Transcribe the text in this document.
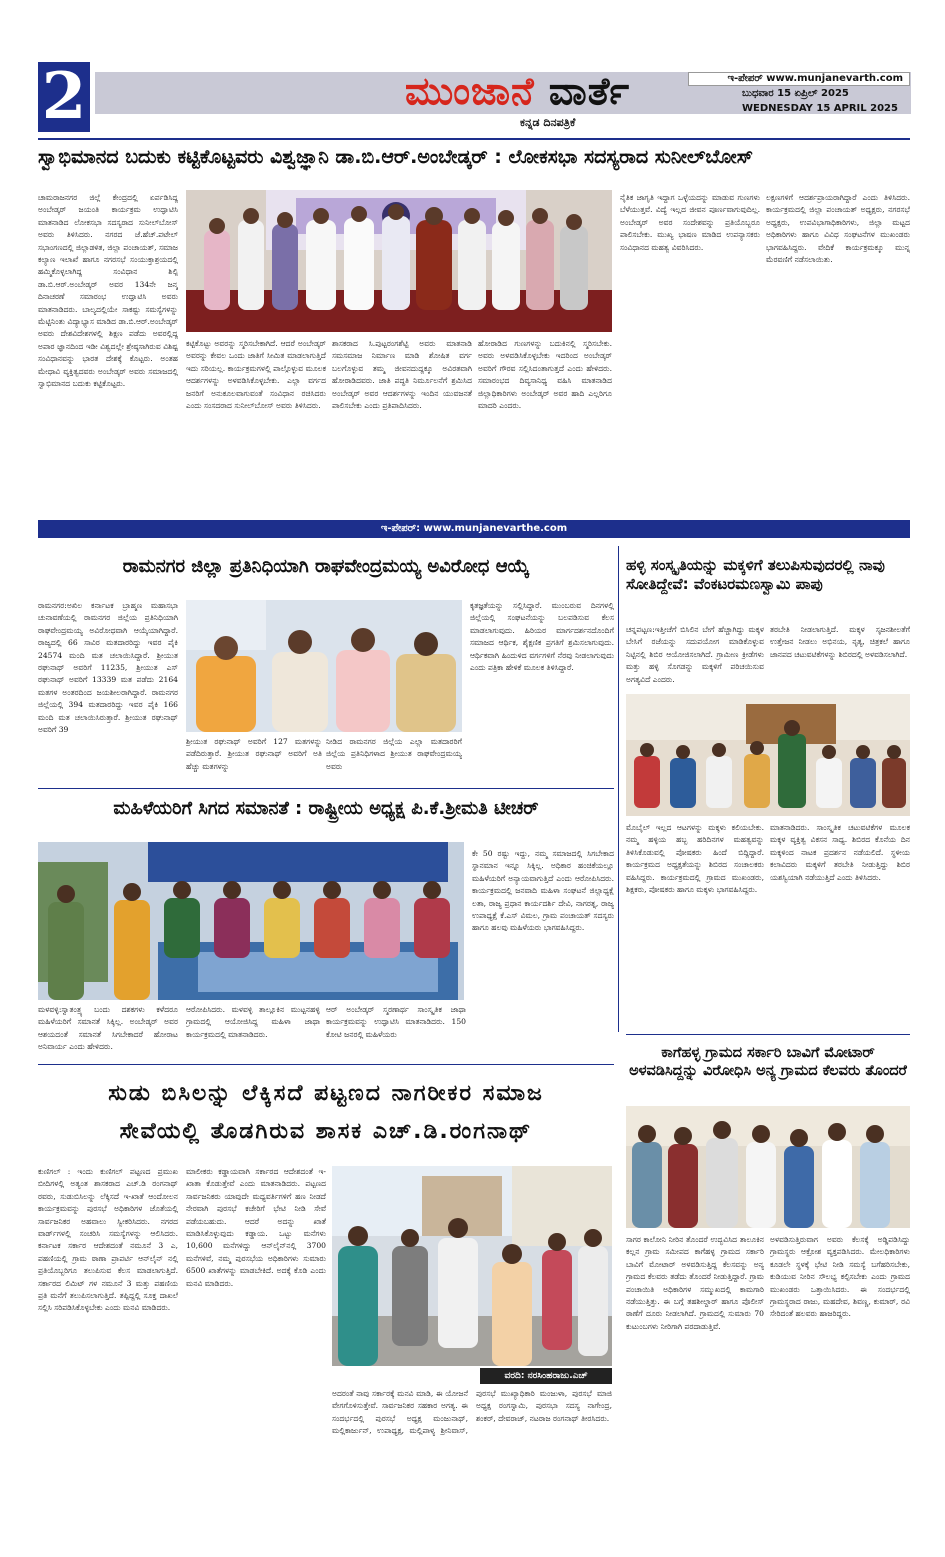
2	ಮುಂಜಾನೆ ವಾರ್ತೆ
ಕನ್ನಡ ದಿನಪತ್ರಿಕೆ
ಇ-ಪೇಪರ್ www.munjanevarth.com
ಬುಧವಾರ 15 ಏಪ್ರಿಲ್ 2025
WEDNESDAY 15 APRIL 2025
ಸ್ವಾಭಿಮಾನದ ಬದುಕು ಕಟ್ಟಿಕೊಟ್ಟವರು ವಿಶ್ವಜ್ಞಾನಿ ಡಾ.ಬಿ.ಆರ್.ಅಂಬೇಡ್ಕರ್ : ಲೋಕಸಭಾ ಸದಸ್ಯರಾದ ಸುನೀಲ್‌ಬೋಸ್
ಚಾಮರಾಜನಗರ ಜಿಲ್ಲೆ ಕೇಂದ್ರದಲ್ಲಿ ಏರ್ಪಡಿಸಿದ್ದ ಅಂಬೇಡ್ಕರ್ ಜಯಂತಿ ಕಾರ್ಯಕ್ರಮ ಉದ್ಘಾಟಿಸಿ ಮಾತನಾಡಿದ ಲೋಕಸಭಾ ಸದಸ್ಯರಾದ ಸುನೀಲ್‌ಬೋಸ್ ಅವರು ತಿಳಿಸಿದರು. ನಗರದ ಜೆ.ಹೆಚ್.ಪಟೇಲ್ ಸಭಾಂಗಣದಲ್ಲಿ ಜಿಲ್ಲಾಡಳಿತ, ಜಿಲ್ಲಾ ಪಂಚಾಯತ್, ಸಮಾಜ ಕಲ್ಯಾಣ ಇಲಾಖೆ ಹಾಗೂ ನಗರಸಭೆ ಸಂಯುಕ್ತಾಶ್ರಯದಲ್ಲಿ ಹಮ್ಮಿಕೊಳ್ಳಲಾಗಿದ್ದ ಸಂವಿಧಾನ ಶಿಲ್ಪಿ ಡಾ.ಬಿ.ಆರ್.ಅಂಬೇಡ್ಕರ್ ಅವರ 134ನೇ ಜನ್ಮ ದಿನಾಚರಣೆ ಸಮಾರಂಭ ಉದ್ಘಾಟಿಸಿ ಅವರು ಮಾತನಾಡಿದರು. ಬಾಲ್ಯದಲ್ಲಿಯೇ ಸಾಕಷ್ಟು ಸಮಸ್ಯೆಗಳನ್ನು ಮೆಟ್ಟಿನಿಂತು ವಿದ್ಯಾಭ್ಯಾಸ ಮಾಡಿದ ಡಾ.ಬಿ.ಆರ್.ಅಂಬೇಡ್ಕರ್ ಅವರು ದೇಶವಿದೇಶಗಳಲ್ಲಿ ಶಿಕ್ಷಣ ಪಡೆದು ಅವರಲ್ಲಿದ್ದ ಅಪಾರ ಜ್ಞಾನದಿಂದ ಇಡೀ ವಿಶ್ವದಲ್ಲೇ ಶ್ರೇಷ್ಠಸಾಗಿರುವ ವಿಶಿಷ್ಟ ಸಂವಿಧಾನವನ್ನು ಭಾರತ ದೇಶಕ್ಕೆ ಕೊಟ್ಟರು. ಅಂತಹ ಮೇಧಾವಿ ವ್ಯಕ್ತಿತ್ವದವರು ಅಂಬೇಡ್ಕರ್ ಅವರು ಸಮಾಜದಲ್ಲಿ ಸ್ವಾಭಿಮಾನದ ಬದುಕು ಕಟ್ಟಿಕೊಟ್ಟರು.
ಕಟ್ಟಿಕೊಟ್ಟು ಅವರನ್ನು ಸ್ಮರಿಸಬೇಕಾಗಿದೆ. ಆದರೆ ಅಂಬೇಡ್ಕರ್ ಅವರನ್ನು ಕೇವಲ ಒಂದು ಜಾತಿಗೆ ಸೀಮಿತ ಮಾಡಲಾಗುತ್ತಿದೆ ಇದು ಸರಿಯಲ್ಲ. ಕಾರ್ಯಕ್ರಮಗಳಲ್ಲಿ ಪಾಲ್ಗೊಳ್ಳುವ ಮೂಲಕ ಆದರ್ಶಗಳನ್ನು ಅಳವಡಿಸಿಕೊಳ್ಳಬೇಕು. ಎಲ್ಲಾ ವರ್ಗದ ಜನರಿಗೆ ಅನುಕೂಲವಾಗುವಂತೆ ಸಂವಿಧಾನ ರಚಿಸಿದರು ಎಂದು ಸಂಸದರಾದ ಸುನೀಲ್‌ಬೋಸ್ ಅವರು ತಿಳಿಸಿದರು.
ಶಾಸಕರಾದ ಸಿ.ಪುಟ್ಟರಂಗಶೆಟ್ಟಿ ಅವರು ಮಾತನಾಡಿ ಸಮಸಮಾಜ ನಿರ್ಮಾಣ ಮಾಡಿ ಶೋಷಿತ ವರ್ಗ ಬಲಗೊಳ್ಳುವ ತಮ್ಮ ಜೀವನದುದ್ದಕ್ಕೂ ಅವಿರತವಾಗಿ ಹೋರಾಡಿದವರು. ಜಾತಿ ಪದ್ಧತಿ ನಿರ್ಮೂಲನೆಗೆ ಶ್ರಮಿಸಿದ ಅಂಬೇಡ್ಕರ್ ಅವರ ಆದರ್ಶಗಳನ್ನು ಇಂದಿನ ಯುವಜನತೆ ಪಾಲಿಸಬೇಕು ಎಂದು ಪ್ರತಿಪಾದಿಸಿದರು.
ಹೋರಾಡಿದ ಗುಣಗಳನ್ನು ಬದುಕಿನಲ್ಲಿ ಸ್ಮರಿಸಬೇಕು. ಅವರು ಅಳವಡಿಸಿಕೊಳ್ಳಬೇಕು ಇದರಿಂದ ಅಂಬೇಡ್ಕರ್ ಅವರಿಗೆ ಗೌರವ ಸಲ್ಲಿಸಿದಂತಾಗುತ್ತದೆ ಎಂದು ಹೇಳಿದರು. ಸಮಾರಂಭದ ದಿವ್ಯಸಾನಿಧ್ಯ ವಹಿಸಿ ಮಾತನಾಡಿದ ಜಿಲ್ಲಾಧಿಕಾರಿಗಳು ಅಂಬೇಡ್ಕರ್ ಅವರ ಹಾದಿ ಎಲ್ಲರಿಗೂ ಮಾದರಿ ಎಂದರು.
ನೈತಿಕ ಜಾಗೃತಿ ಇದ್ದಾಗ ಒಳ್ಳೆಯದನ್ನು ಮಾಡುವ ಗುಣಗಳು ಬೆಳೆಯುತ್ತವೆ. ವಿದ್ಯೆ ಇಲ್ಲದ ಜೀವನ ಪೂರ್ಣವಾಗುವುದಿಲ್ಲ. ಅಂಬೇಡ್ಕರ್ ಅವರ ಸಂದೇಶವನ್ನು ಪ್ರತಿಯೊಬ್ಬರೂ ಪಾಲಿಸಬೇಕು. ಮುಖ್ಯ ಭಾಷಣ ಮಾಡಿದ ಉಪನ್ಯಾಸಕರು ಸಂವಿಧಾನದ ಮಹತ್ವ ವಿವರಿಸಿದರು.
ಲಕ್ಷಣಗಳಿಗೆ ಆದರ್ಶಪ್ರಾಯರಾಗಿದ್ದಾರೆ ಎಂದು ತಿಳಿಸಿದರು. ಕಾರ್ಯಕ್ರಮದಲ್ಲಿ ಜಿಲ್ಲಾ ಪಂಚಾಯತ್ ಅಧ್ಯಕ್ಷರು, ನಗರಸಭೆ ಅಧ್ಯಕ್ಷರು, ಉಪವಿಭಾಗಾಧಿಕಾರಿಗಳು, ಜಿಲ್ಲಾ ಮಟ್ಟದ ಅಧಿಕಾರಿಗಳು ಹಾಗೂ ವಿವಿಧ ಸಂಘಟನೆಗಳ ಮುಖಂಡರು ಭಾಗವಹಿಸಿದ್ದರು. ವೇದಿಕೆ ಕಾರ್ಯಕ್ರಮಕ್ಕೂ ಮುನ್ನ ಮೆರವಣಿಗೆ ನಡೆಸಲಾಯಿತು.
ಇ-ಪೇಪರ್: www.munjanevarthe.com
ರಾಮನಗರ ಜಿಲ್ಲಾ ಪ್ರತಿನಿಧಿಯಾಗಿ ರಾಘವೇಂದ್ರಮಯ್ಯ ಅವಿರೋಧ ಆಯ್ಕೆ
ರಾಮನಗರ:ಅಖಿಲ ಕರ್ನಾಟಕ ಬ್ರಾಹ್ಮಣ ಮಹಾಸಭಾ ಚುನಾವಣೆಯಲ್ಲಿ ರಾಮನಗರ ಜಿಲ್ಲೆಯ ಪ್ರತಿನಿಧಿಯಾಗಿ ರಾಘವೇಂದ್ರಮಯ್ಯ ಅವಿರೋಧವಾಗಿ ಆಯ್ಕೆಯಾಗಿದ್ದಾರೆ. ರಾಜ್ಯದಲ್ಲಿ 66 ಸಾವಿರ ಮತದಾರರಿದ್ದು ಇವರ ಪೈಕಿ 24574 ಮಂದಿ ಮತ ಚಲಾಯಿಸಿದ್ದಾರೆ. ಶ್ರೀಯುತ ರಘುನಾಥ್ ಅವರಿಗೆ 11235, ಶ್ರೀಯುತ ಎಸ್ ರಘುನಾಥ್ ಅವರಿಗೆ 13339 ಮತ ಪಡೆದು 2164 ಮತಗಳ ಅಂತರದಿಂದ ಜಯಶೀಲರಾಗಿದ್ದಾರೆ. ರಾಮನಗರ ಜಿಲ್ಲೆಯಲ್ಲಿ 394 ಮತದಾರರಿದ್ದು ಇವರ ಪೈಕಿ 166 ಮಂದಿ ಮತ ಚಲಾಯಿಸಿರುತ್ತಾರೆ. ಶ್ರೀಯುತ ರಘುನಾಥ್ ಅವರಿಗೆ 39
ಶ್ರೀಯುತ ರಘುನಾಥ್ ಅವರಿಗೆ 127 ಮತಗಳನ್ನು ಪಡೆದಿರುತ್ತಾರೆ. ಶ್ರೀಯುತ ರಘುನಾಥ್ ಅವರಿಗೆ ಅತಿ ಹೆಚ್ಚು ಮತಗಳನ್ನು
ನೀಡಿದ ರಾಮನಗರ ಜಿಲ್ಲೆಯ ಎಲ್ಲಾ ಮತದಾರರಿಗೆ ಜಿಲ್ಲೆಯ ಪ್ರತಿನಿಧಿಗಳಾದ ಶ್ರೀಯುತ ರಾಘವೇಂದ್ರಮಯ್ಯ ಅವರು
ಕೃತಜ್ಞತೆಯನ್ನು ಸಲ್ಲಿಸಿದ್ದಾರೆ. ಮುಂಬರುವ ದಿನಗಳಲ್ಲಿ ಜಿಲ್ಲೆಯಲ್ಲಿ ಸಂಘಟನೆಯನ್ನು ಬಲಪಡಿಸುವ ಕೆಲಸ ಮಾಡಲಾಗುವುದು. ಹಿರಿಯರ ಮಾರ್ಗದರ್ಶನದೊಂದಿಗೆ ಸಮಾಜದ ಆರ್ಥಿಕ, ಶೈಕ್ಷಣಿಕ ಪ್ರಗತಿಗೆ ಶ್ರಮಿಸಲಾಗುವುದು. ಆರ್ಥಿಕವಾಗಿ ಹಿಂದುಳಿದ ವರ್ಗಗಳಿಗೆ ನೆರವು ನೀಡಲಾಗುವುದು ಎಂದು ಪತ್ರಿಕಾ ಹೇಳಿಕೆ ಮೂಲಕ ತಿಳಿಸಿದ್ದಾರೆ.
ಹಳ್ಳಿ ಸಂಸ್ಕೃತಿಯನ್ನು ಮಕ್ಕಳಿಗೆ ತಲುಪಿಸುವುದರಲ್ಲಿ ನಾವು ಸೋತಿದ್ದೇವೆ: ವೆಂಕಟರಮಣಸ್ವಾಮಿ ಪಾಪು
ಚನ್ನಪಟ್ಟಣ:ಇತ್ತೀಚೆಗೆ ಬಿಸಿಲಿನ ಬೇಗೆ ಹೆಚ್ಚಾಗಿದ್ದು ಮಕ್ಕಳ ಬೇಸಿಗೆ ರಜೆಯನ್ನು ಸದುಪಯೋಗ ಮಾಡಿಕೊಳ್ಳುವ ನಿಟ್ಟಿನಲ್ಲಿ ಶಿಬಿರ ಆಯೋಜಿಸಲಾಗಿದೆ. ಗ್ರಾಮೀಣ ಕ್ರೀಡೆಗಳು ಮತ್ತು ಹಳ್ಳಿ ಸೊಗಡನ್ನು ಮಕ್ಕಳಿಗೆ ಪರಿಚಯಿಸುವ ಅಗತ್ಯವಿದೆ ಎಂದರು.
ತರಬೇತಿ ನೀಡಲಾಗುತ್ತಿದೆ. ಮಕ್ಕಳ ಸೃಜನಶೀಲತೆಗೆ ಉತ್ತೇಜನ ನೀಡಲು ಅಭಿನಯ, ನೃತ್ಯ, ಚಿತ್ರಕಲೆ ಹಾಗೂ ಜಾನಪದ ಚಟುವಟಿಕೆಗಳನ್ನು ಶಿಬಿರದಲ್ಲಿ ಅಳವಡಿಸಲಾಗಿದೆ.
ಮೊಬೈಲ್ ಇಲ್ಲದ ಆಟಗಳನ್ನು ಮಕ್ಕಳು ಕಲಿಯಬೇಕು. ನಮ್ಮ ಹಳ್ಳಿಯ ಹಬ್ಬ ಹರಿದಿನಗಳ ಮಹತ್ವವನ್ನು ತಿಳಿಸಿಕೊಡುವಲ್ಲಿ ಪೋಷಕರು ಹಿಂದೆ ಬಿದ್ದಿದ್ದಾರೆ. ಕಾರ್ಯಕ್ರಮದ ಅಧ್ಯಕ್ಷತೆಯನ್ನು ಶಿಬಿರದ ಸಂಚಾಲಕರು ವಹಿಸಿದ್ದರು. ಕಾರ್ಯಕ್ರಮದಲ್ಲಿ ಗ್ರಾಮದ ಮುಖಂಡರು, ಶಿಕ್ಷಕರು, ಪೋಷಕರು ಹಾಗೂ ಮಕ್ಕಳು ಭಾಗವಹಿಸಿದ್ದರು.
ಮಾತನಾಡಿದರು. ಸಾಂಸ್ಕೃತಿಕ ಚಟುವಟಿಕೆಗಳ ಮೂಲಕ ಮಕ್ಕಳ ವ್ಯಕ್ತಿತ್ವ ವಿಕಸನ ಸಾಧ್ಯ. ಶಿಬಿರದ ಕೊನೆಯ ದಿನ ಮಕ್ಕಳಿಂದ ನಾಟಕ ಪ್ರದರ್ಶನ ನಡೆಯಲಿದೆ. ಸ್ಥಳೀಯ ಕಲಾವಿದರು ಮಕ್ಕಳಿಗೆ ತರಬೇತಿ ನೀಡುತ್ತಿದ್ದು ಶಿಬಿರ ಯಶಸ್ವಿಯಾಗಿ ನಡೆಯುತ್ತಿದೆ ಎಂದು ತಿಳಿಸಿದರು.
ಮಹಿಳೆಯರಿಗೆ ಸಿಗದ ಸಮಾನತೆ : ರಾಷ್ಟ್ರೀಯ ಅಧ್ಯಕ್ಷ ಪಿ.ಕೆ.ಶ್ರೀಮತಿ ಟೀಚರ್
ಕೇ 50 ರಷ್ಟು ಇದ್ದು, ನಮ್ಮ ಸಮಾಜದಲ್ಲಿ ಸಿಗಬೇಕಾದ ಸ್ಥಾನಮಾನ ಇನ್ನೂ ಸಿಕ್ಕಿಲ್ಲ. ಅಧಿಕಾರ ಹಂಚಿಕೆಯಲ್ಲೂ ಮಹಿಳೆಯರಿಗೆ ಅನ್ಯಾಯವಾಗುತ್ತಿದೆ ಎಂದು ಆರೋಪಿಸಿದರು. ಕಾರ್ಯಕ್ರಮದಲ್ಲಿ ಜನವಾದಿ ಮಹಿಳಾ ಸಂಘಟನೆ ಜಿಲ್ಲಾಧ್ಯಕ್ಷೆ ಲತಾ, ರಾಜ್ಯ ಪ್ರಧಾನ ಕಾರ್ಯದರ್ಶಿ ದೇವಿ, ನಾಗರತ್ನ, ರಾಜ್ಯ ಉಪಾಧ್ಯಕ್ಷೆ ಕೆ.ಎಸ್ ವಿಮಲ, ಗ್ರಾಮ ಪಂಚಾಯತ್ ಸದಸ್ಯರು ಹಾಗೂ ಹಲವು ಮಹಿಳೆಯರು ಭಾಗವಹಿಸಿದ್ದರು.
ಮಳವಳ್ಳಿ:ಸ್ವಾತಂತ್ರ್ಯ ಬಂದು ದಶಕಗಳು ಕಳೆದರೂ ಮಹಿಳೆಯರಿಗೆ ಸಮಾನತೆ ಸಿಕ್ಕಿಲ್ಲ. ಅಂಬೇಡ್ಕರ್ ಅವರ ಆಶಯದಂತೆ ಸಮಾನತೆ ಸಿಗಬೇಕಾದರೆ ಹೋರಾಟ ಅನಿವಾರ್ಯ ಎಂದು ಹೇಳಿದರು.
ಆರೋಪಿಸಿದರು. ಮಳವಳ್ಳಿ ತಾಲ್ಲೂಕಿನ ಮುಟ್ಟನಹಳ್ಳಿ ಗ್ರಾಮದಲ್ಲಿ ಆಯೋಜಿಸಿದ್ದ ಮಹಿಳಾ ಜಾಥಾ ಕಾರ್ಯಕ್ರಮದಲ್ಲಿ ಮಾತನಾಡಿದರು.
ಆರ್ ಅಂಬೇಡ್ಕರ್ ಸ್ಮರಣಾರ್ಥ ಸಾಂಸ್ಕೃತಿಕ ಜಾಥಾ ಕಾರ್ಯಕ್ರಮವನ್ನು ಉದ್ಘಾಟಿಸಿ ಮಾತನಾಡಿದರು. 150 ಕೋಟಿ ಜನರಲ್ಲಿ ಮಹಿಳೆಯರು
ಸುಡು ಬಿಸಿಲನ್ನು ಲೆಕ್ಕಿಸದೆ ಪಟ್ಟಣದ ನಾಗರೀಕರ ಸಮಾಜ
ಸೇವೆಯಲ್ಲಿ ತೊಡಗಿರುವ ಶಾಸಕ ಎಚ್.ಡಿ.ರಂಗನಾಥ್
ಕುಣಿಗಲ್ : ಇಂದು ಕುಣಿಗಲ್ ಪಟ್ಟಣದ ಪ್ರಮುಖ ಬೀದಿಗಳಲ್ಲಿ ಅತ್ಯಂತ ಶಾಸಕರಾದ ಎಚ್.ಡಿ ರಂಗನಾಥ್ ರವರು, ಸುಡುಬಿಸಿಲನ್ನು ಲೆಕ್ಕಿಸದೆ ಇ-ಖಾತೆ ಆಂದೋಲನ ಕಾರ್ಯಕ್ರಮವನ್ನು ಪುರಸಭೆ ಅಧಿಕಾರಿಗಳ ಜೊತೆಯಲ್ಲಿ ಸಾರ್ವಜನಿಕರ ಅಹವಾಲು ಸ್ವೀಕರಿಸಿದರು. ನಗರದ ವಾರ್ಡ್‌ಗಳಲ್ಲಿ ಸಂಚರಿಸಿ ಸಮಸ್ಯೆಗಳನ್ನು ಆಲಿಸಿದರು. ಕರ್ನಾಟಕ ಸರ್ಕಾರ ಆದೇಶದಂತೆ ನಮೂನೆ 3 ಎ, ಪಹಣಿಯಲ್ಲಿ ಗ್ರಾಮ ಠಾಣಾ ಪ್ರಾಪರ್ಟಿ ಆನ್‌ಲೈನ್ ನಲ್ಲಿ ಪ್ರತಿಯೊಬ್ಬರಿಗೂ ತಲುಪಿಸುವ ಕೆಲಸ ಮಾಡಲಾಗುತ್ತಿದೆ. ಸರ್ಕಾರದ ಲಿಮಿಟ್ ಗಳ ನಮೂನೆ 3 ಮತ್ತು ಪಹಣಿಯ ಪ್ರತಿ ಮನೆಗೆ ತಲುಪಿಸಲಾಗುತ್ತಿದೆ. ತಪ್ಪಿದ್ದಲ್ಲಿ ಸೂಕ್ತ ದಾಖಲೆ ಸಲ್ಲಿಸಿ ಸರಿಪಡಿಸಿಕೊಳ್ಳಬೇಕು ಎಂದು ಮನವಿ ಮಾಡಿದರು.
ಮಾಲೀಕರು ಕಡ್ಡಾಯವಾಗಿ ಸರ್ಕಾರದ ಆದೇಶದಂತೆ ಇ-ಖಾತಾ ಕೊಡುತ್ತೇವೆ ಎಂದು ಮಾತನಾಡಿದರು. ಪಟ್ಟಣದ ಸಾರ್ವಜನಿಕರು ಯಾವುದೇ ಮಧ್ಯವರ್ತಿಗಳಿಗೆ ಹಣ ನೀಡದೆ ನೇರವಾಗಿ ಪುರಸಭೆ ಕಚೇರಿಗೆ ಭೇಟಿ ನೀಡಿ ಸೇವೆ ಪಡೆಯಬಹುದು. ಆದರೆ ಅದನ್ನು ಖಾತೆ ಮಾಡಿಸಿಕೊಳ್ಳುವುದು ಕಡ್ಡಾಯ. ಒಟ್ಟು ಮನೆಗಳು 10,600 ಮನೆಗಳಿದ್ದು ಆನ್‌ಲೈನ್‌ನಲ್ಲಿ 3700 ಮನೆಗಳಿವೆ, ನಮ್ಮ ಪುರಸಭೆಯ ಅಧಿಕಾರಿಗಳು ಸುಮಾರು 6500 ಖಾತೆಗಳನ್ನು ಮಾಡಬೇಕಿದೆ. ಅದಕ್ಕೆ ಕೊಡಿ ಎಂದು ಮನವಿ ಮಾಡಿದರು.
ವರದಿ: ನರಸಿಂಹರಾಜು.ಎಚ್
ಅದರಂತೆ ನಾವು ಸರ್ಕಾರಕ್ಕೆ ಮನವಿ ಮಾಡಿ, ಈ ಯೋಜನೆ ವೇಗಗೊಳಿಸುತ್ತೇವೆ. ಸಾರ್ವಜನಿಕರ ಸಹಕಾರ ಅಗತ್ಯ. ಈ ಸಂದರ್ಭದಲ್ಲಿ ಪುರಸಭೆ ಅಧ್ಯಕ್ಷ ಮಂಜುನಾಥ್, ಮಲ್ಲಿಕಾರ್ಜುನ್, ಉಪಾಧ್ಯಕ್ಷ, ಮಲ್ಲಿಪಾಳ್ಯ ಶ್ರೀನಿವಾಸ್, ಪುರಸಭೆ ಮುಖ್ಯಾಧಿಕಾರಿ ಮಂಜುಳಾ, ಪುರಸಭೆ ಮಾಜಿ ಅಧ್ಯಕ್ಷ ರಂಗಸ್ವಾಮಿ, ಪುರಸಭಾ ಸದಸ್ಯ ನಾಗೇಂದ್ರ, ಶಂಕರ್, ದೇವರಾಜ್, ನಟರಾಜ ರಂಗನಾಥ್ ತೀರಸಿದರು.
ಕಾಗೆಹಳ್ಳ ಗ್ರಾಮದ ಸರ್ಕಾರಿ ಬಾವಿಗೆ ಮೋಟಾರ್ ಅಳವಡಿಸಿದ್ದನ್ನು ವಿರೋಧಿಸಿ ಅನ್ಯ ಗ್ರಾಮದ ಕೆಲವರು ತೊಂದರೆ
ಸಾಗರ ಕಾಲೋನಿ ನೀರಿನ ತೊಂದರೆ ಉದ್ಭವಿಸಿದ ತಾಲೂಕಿನ ಕಲ್ಲನ ಗ್ರಾಮ ಸಮೀಪದ ಕಾಗೆಹಳ್ಳ ಗ್ರಾಮದ ಸರ್ಕಾರಿ ಬಾವಿಗೆ ಮೋಟಾರ್ ಅಳವಡಿಸುತ್ತಿದ್ದ ಕೆಲಸವನ್ನು ಅನ್ಯ ಗ್ರಾಮದ ಕೆಲವರು ತಡೆದು ತೊಂದರೆ ನೀಡುತ್ತಿದ್ದಾರೆ. ಗ್ರಾಮ ಪಂಚಾಯಿತಿ ಅಧಿಕಾರಿಗಳ ಸಮ್ಮುಖದಲ್ಲಿ ಕಾಮಗಾರಿ ನಡೆಯುತ್ತಿತ್ತು. ಈ ಬಗ್ಗೆ ತಹಶೀಲ್ದಾರ್ ಹಾಗೂ ಪೊಲೀಸ್ ಠಾಣೆಗೆ ದೂರು ನೀಡಲಾಗಿದೆ. ಗ್ರಾಮದಲ್ಲಿ ಸುಮಾರು 70 ಕುಟುಂಬಗಳು ನೀರಿಗಾಗಿ ಪರದಾಡುತ್ತಿವೆ.
ಅಳವಡಿಸುತ್ತಿರುವಾಗ ಅವರು ಕೆಲಸಕ್ಕೆ ಅಡ್ಡಿಪಡಿಸಿದ್ದು ಗ್ರಾಮಸ್ಥರು ಆಕ್ರೋಶ ವ್ಯಕ್ತಪಡಿಸಿದರು. ಮೇಲಧಿಕಾರಿಗಳು ಕೂಡಲೇ ಸ್ಥಳಕ್ಕೆ ಭೇಟಿ ನೀಡಿ ಸಮಸ್ಯೆ ಬಗೆಹರಿಸಬೇಕು, ಕುಡಿಯುವ ನೀರಿನ ಸೌಲಭ್ಯ ಕಲ್ಪಿಸಬೇಕು ಎಂದು ಗ್ರಾಮದ ಮುಖಂಡರು ಒತ್ತಾಯಿಸಿದರು. ಈ ಸಂದರ್ಭದಲ್ಲಿ ಗ್ರಾಮಸ್ಥರಾದ ರಾಜು, ಮಹದೇವ, ಶಿವಣ್ಣ, ಕುಮಾರ್, ರವಿ ಸೇರಿದಂತೆ ಹಲವರು ಹಾಜರಿದ್ದರು.
